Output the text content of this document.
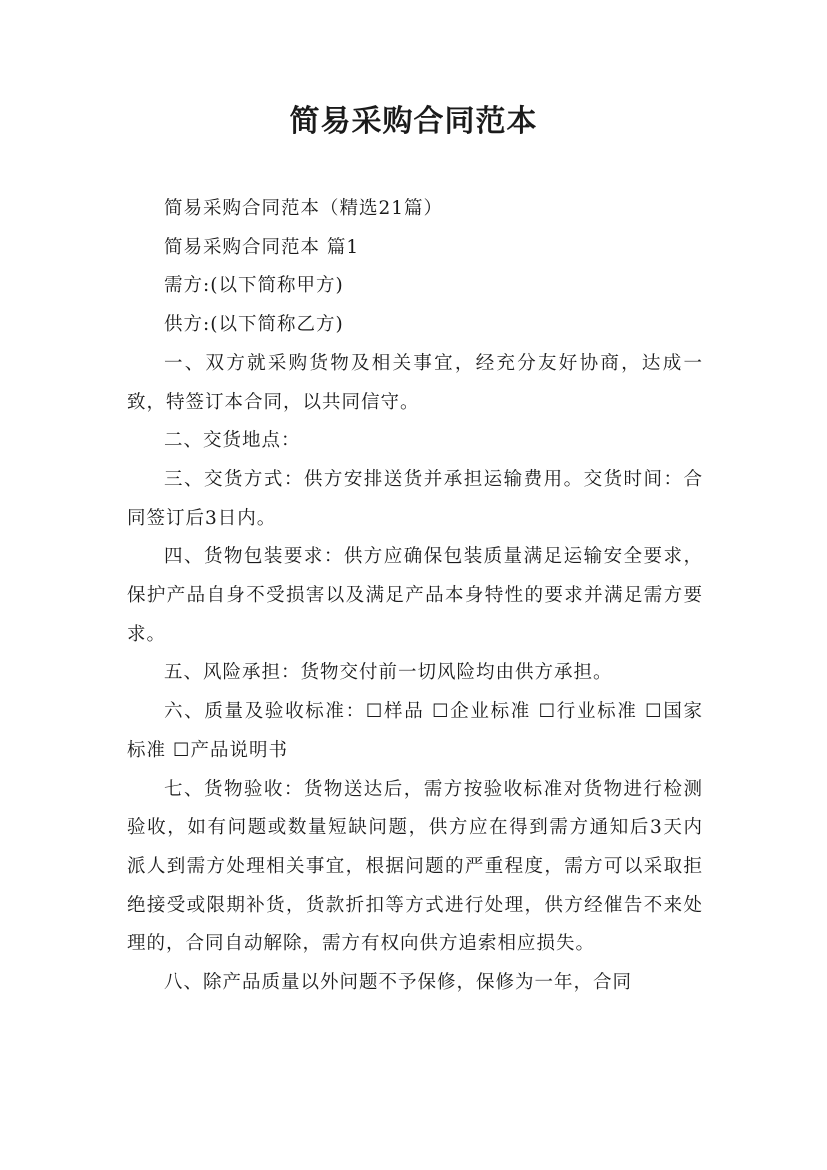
简易采购合同范本

简易采购合同范本（精选21篇）

简易采购合同范本 篇1

需方:(以下简称甲方)

供方:(以下简称乙方)

一、双方就采购货物及相关事宜，经充分友好协商，达成一致，特签订本合同，以共同信守。

二、交货地点：

三、交货方式：供方安排送货并承担运输费用。交货时间：合同签订后3日内。

四、货物包装要求：供方应确保包装质量满足运输安全要求，保护产品自身不受损害以及满足产品本身特性的要求并满足需方要求。

五、风险承担：货物交付前一切风险均由供方承担。

六、质量及验收标准：☐样品 ☐企业标准 ☐行业标准 ☐国家标准 ☐产品说明书

七、货物验收：货物送达后，需方按验收标准对货物进行检测验收，如有问题或数量短缺问题，供方应在得到需方通知后3天内派人到需方处理相关事宜，根据问题的严重程度，需方可以采取拒绝接受或限期补货，货款折扣等方式进行处理，供方经催告不来处理的，合同自动解除，需方有权向供方追索相应损失。

八、除产品质量以外问题不予保修，保修为一年，合同
